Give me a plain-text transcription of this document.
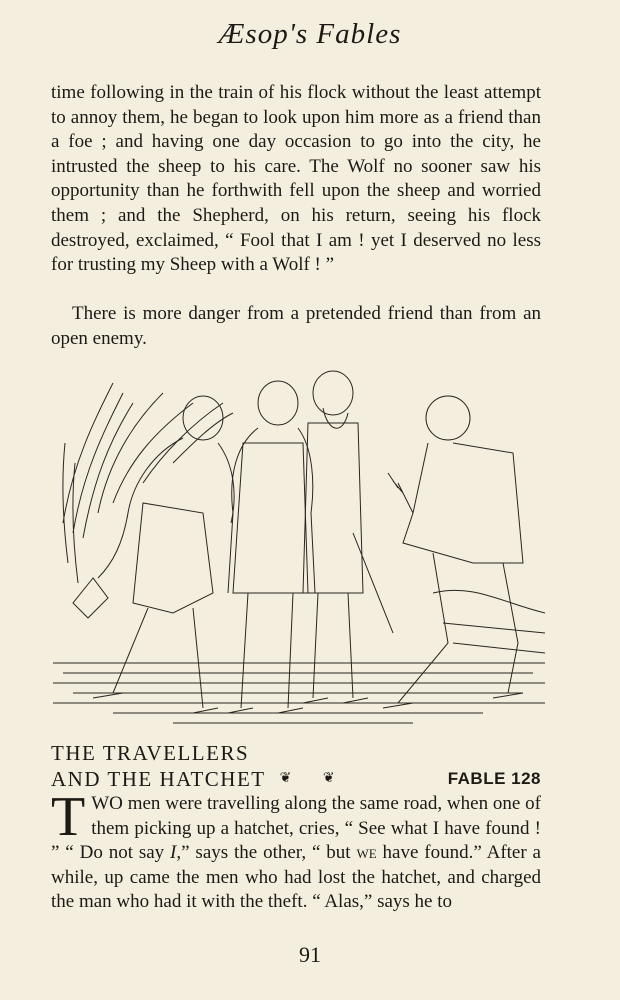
Æsop's Fables

time following in the train of his flock without the least attempt to annoy them, he began to look upon him more as a friend than a foe ; and having one day occasion to go into the city, he intrusted the sheep to his care. The Wolf no sooner saw his opportunity than he forthwith fell upon the sheep and worried them ; and the Shepherd, on his return, seeing his flock destroyed, exclaimed, “ Fool that I am ! yet I deserved no less for trusting my Sheep with a Wolf ! ”

There is more danger from a pretended friend than from an open enemy.

THE TRAVELLERS
AND THE HATCHET ❦ ❦	FABLE 128

TWO men were travelling along the same road, when one of them picking up a hatchet, cries, “ See what I have found ! ” “ Do not say I,” says the other, “ but we have found.” After a while, up came the men who had lost the hatchet, and charged the man who had it with the theft. “ Alas,” says he to

91
